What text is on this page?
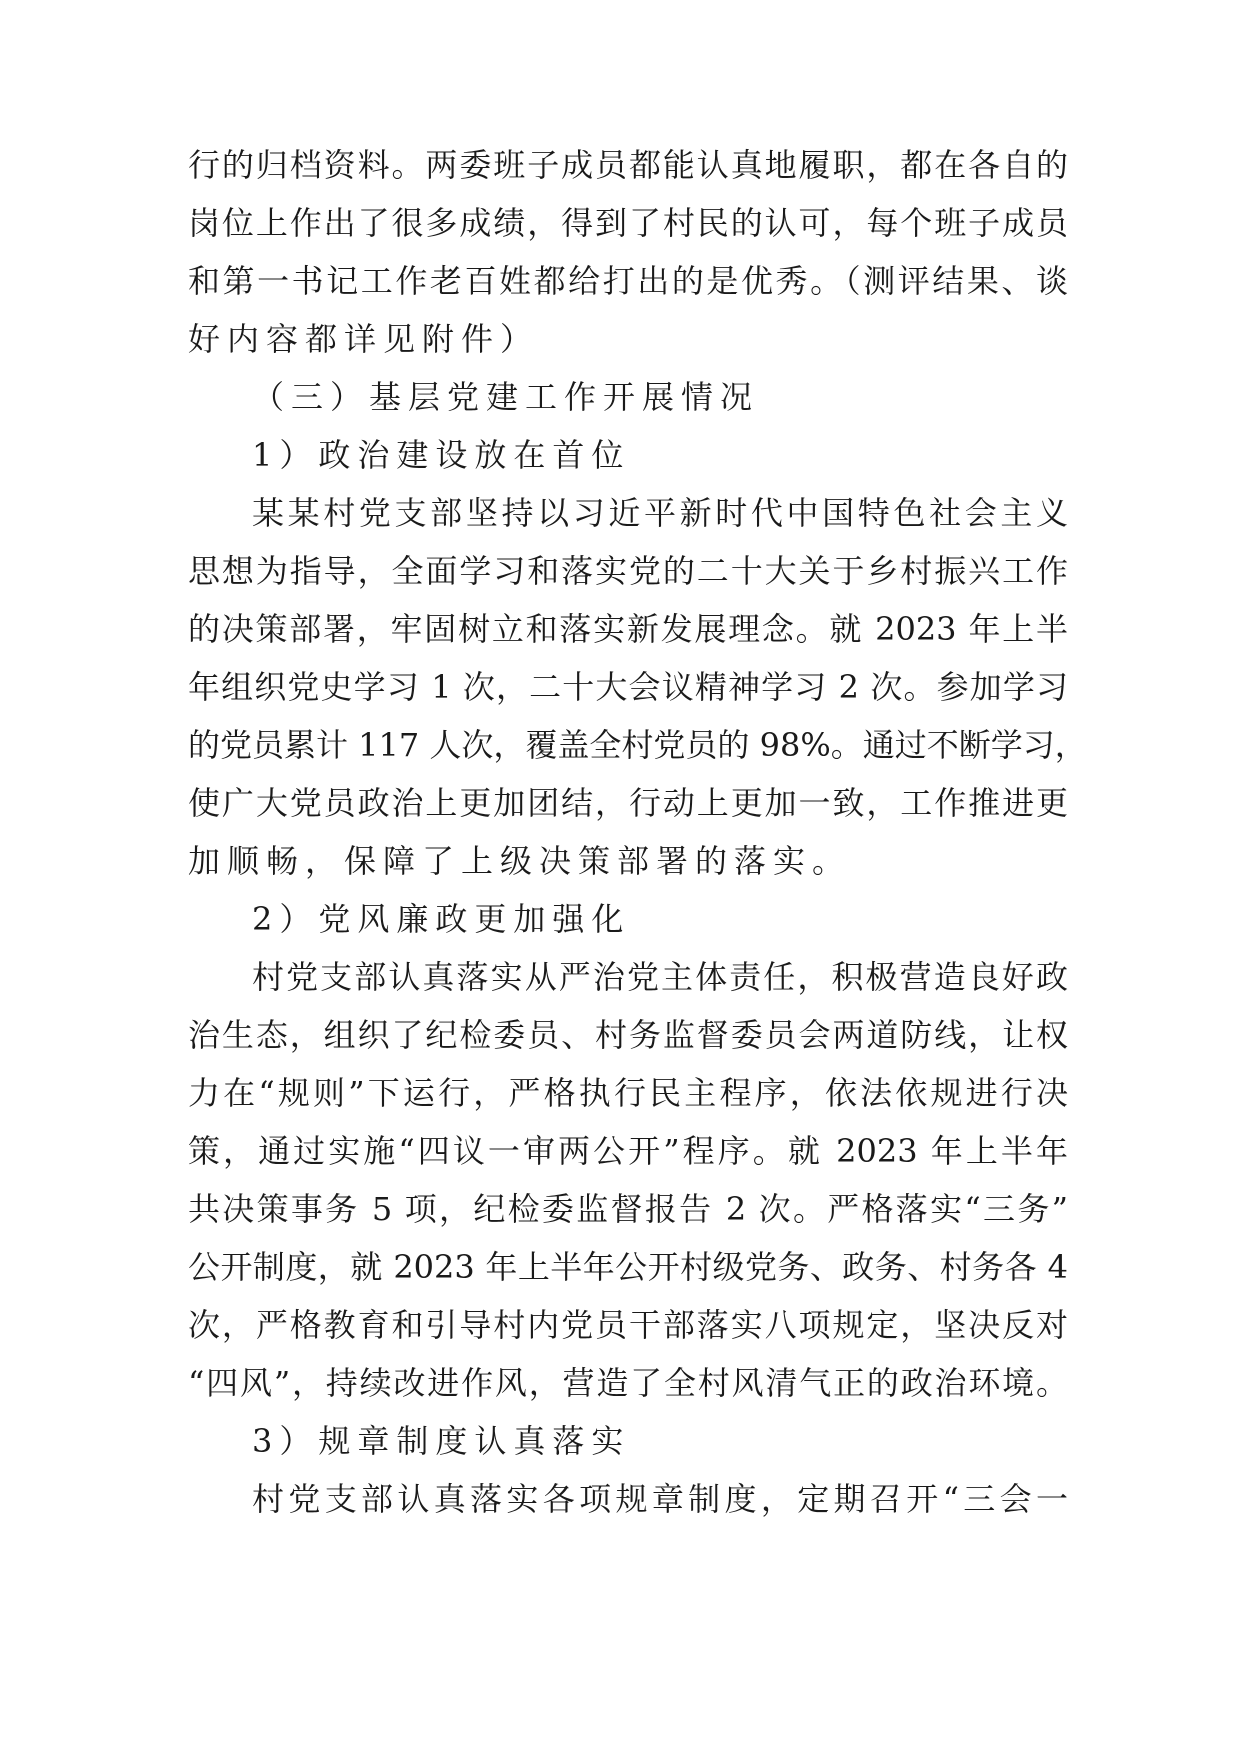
行的归档资料。两委班子成员都能认真地履职，都在各自的
岗位上作出了很多成绩，得到了村民的认可，每个班子成员
和第一书记工作老百姓都给打出的是优秀。（测评结果、谈
好内容都详见附件）
（三）基层党建工作开展情况
1）政治建设放在首位
某某村党支部坚持以习近平新时代中国特色社会主义
思想为指导，全面学习和落实党的二十大关于乡村振兴工作
的决策部署，牢固树立和落实新发展理念。就 2023 年上半
年组织党史学习 1 次，二十大会议精神学习 2 次。参加学习
的党员累计 117 人次，覆盖全村党员的 98%。通过不断学习，
使广大党员政治上更加团结，行动上更加一致，工作推进更
加顺畅，保障了上级决策部署的落实。
2）党风廉政更加强化
村党支部认真落实从严治党主体责任，积极营造良好政
治生态，组织了纪检委员、村务监督委员会两道防线，让权
力在“规则”下运行，严格执行民主程序，依法依规进行决
策，通过实施“四议一审两公开”程序。就 2023 年上半年
共决策事务 5 项，纪检委监督报告 2 次。严格落实“三务”
公开制度，就 2023 年上半年公开村级党务、政务、村务各 4
次，严格教育和引导村内党员干部落实八项规定，坚决反对
“四风”，持续改进作风，营造了全村风清气正的政治环境。
3）规章制度认真落实
村党支部认真落实各项规章制度，定期召开“三会一
